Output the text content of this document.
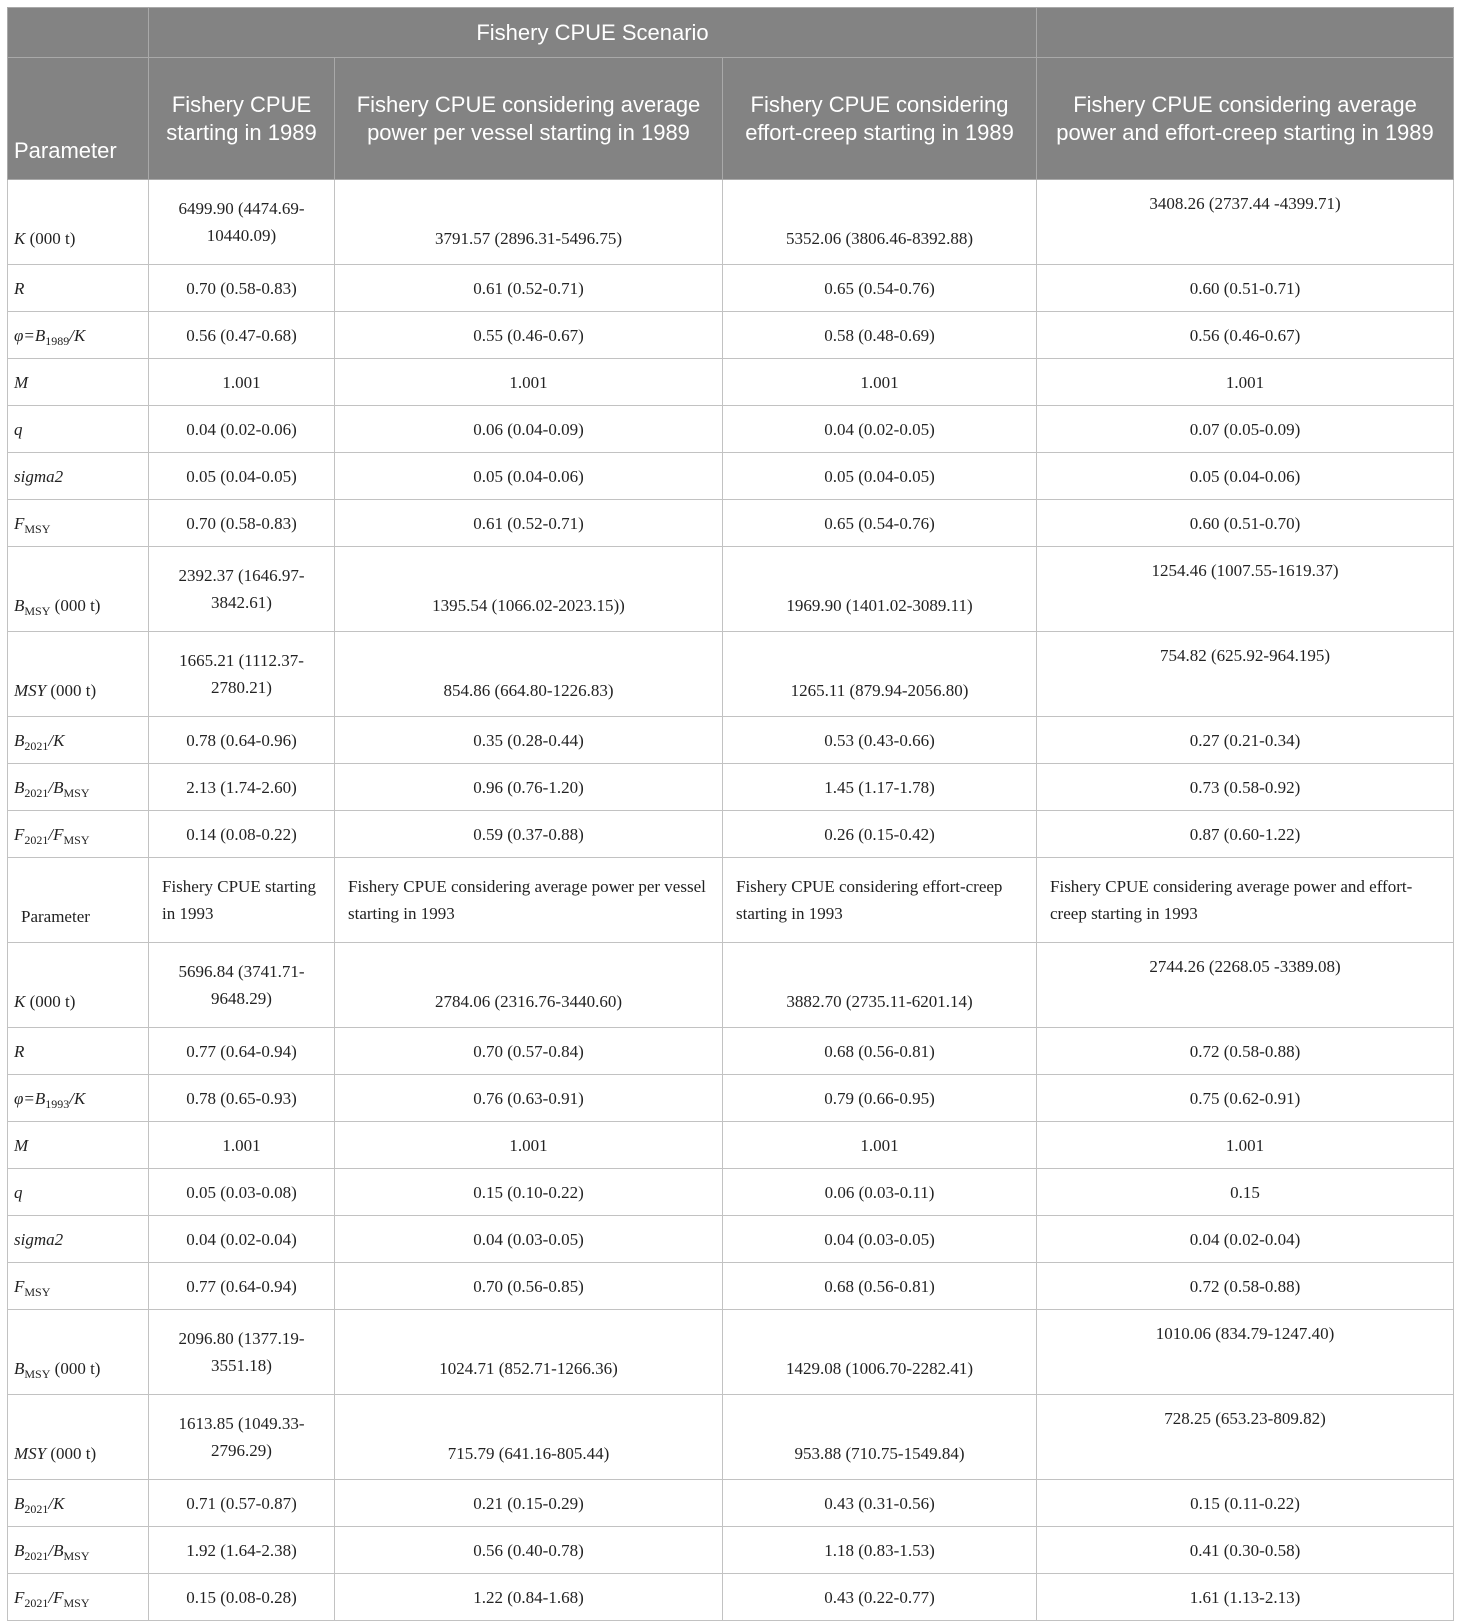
	Fishery CPUE Scenario			
Parameter	Fishery CPUE starting in 1989	Fishery CPUE considering average power per vessel starting in 1989	Fishery CPUE considering effort-creep starting in 1989	Fishery CPUE considering average power and effort-creep starting in 1989
K (000 t)	6499.90 (4474.69-10440.09)	3791.57 (2896.31-5496.75)	5352.06 (3806.46-8392.88)	3408.26 (2737.44 -4399.71)
R	0.70 (0.58-0.83)	0.61 (0.52-0.71)	0.65 (0.54-0.76)	0.60 (0.51-0.71)
$\varphi=B_{1989}/K$	0.56 (0.47-0.68)	0.55 (0.46-0.67)	0.58 (0.48-0.69)	0.56 (0.46-0.67)
M	1.001	1.001	1.001	1.001
q	0.04 (0.02-0.06)	0.06 (0.04-0.09)	0.04 (0.02-0.05)	0.07 (0.05-0.09)
sigma2	0.05 (0.04-0.05)	0.05 (0.04-0.06)	0.05 (0.04-0.05)	0.05 (0.04-0.06)
$F_{MSY}$	0.70 (0.58-0.83)	0.61 (0.52-0.71)	0.65 (0.54-0.76)	0.60 (0.51-0.70)
$B_{MSY}$ (000 t)	2392.37 (1646.97-3842.61)	1395.54 (1066.02-2023.15))	1969.90 (1401.02-3089.11)	1254.46 (1007.55-1619.37)
MSY (000 t)	1665.21 (1112.37-2780.21)	854.86 (664.80-1226.83)	1265.11 (879.94-2056.80)	754.82 (625.92-964.195)
$B_{2021}/K$	0.78 (0.64-0.96)	0.35 (0.28-0.44)	0.53 (0.43-0.66)	0.27 (0.21-0.34)
$B_{2021}/B_{MSY}$	2.13 (1.74-2.60)	0.96 (0.76-1.20)	1.45 (1.17-1.78)	0.73 (0.58-0.92)
$F_{2021}/F_{MSY}$	0.14 (0.08-0.22)	0.59 (0.37-0.88)	0.26 (0.15-0.42)	0.87 (0.60-1.22)
Parameter	Fishery CPUE starting in 1993	Fishery CPUE considering average power per vessel starting in 1993	Fishery CPUE considering effort-creep starting in 1993	Fishery CPUE considering average power and effort-creep starting in 1993
K (000 t)	5696.84 (3741.71-9648.29)	2784.06 (2316.76-3440.60)	3882.70 (2735.11-6201.14)	2744.26 (2268.05 -3389.08)
R	0.77 (0.64-0.94)	0.70 (0.57-0.84)	0.68 (0.56-0.81)	0.72 (0.58-0.88)
$\varphi=B_{1993}/K$	0.78 (0.65-0.93)	0.76 (0.63-0.91)	0.79 (0.66-0.95)	0.75 (0.62-0.91)
M	1.001	1.001	1.001	1.001
q	0.05 (0.03-0.08)	0.15 (0.10-0.22)	0.06 (0.03-0.11)	0.15
sigma2	0.04 (0.02-0.04)	0.04 (0.03-0.05)	0.04 (0.03-0.05)	0.04 (0.02-0.04)
$F_{MSY}$	0.77 (0.64-0.94)	0.70 (0.56-0.85)	0.68 (0.56-0.81)	0.72 (0.58-0.88)
$B_{MSY}$ (000 t)	2096.80 (1377.19-3551.18)	1024.71 (852.71-1266.36)	1429.08 (1006.70-2282.41)	1010.06 (834.79-1247.40)
MSY (000 t)	1613.85 (1049.33-2796.29)	715.79 (641.16-805.44)	953.88 (710.75-1549.84)	728.25 (653.23-809.82)
$B_{2021}/K$	0.71 (0.57-0.87)	0.21 (0.15-0.29)	0.43 (0.31-0.56)	0.15 (0.11-0.22)
$B_{2021}/B_{MSY}$	1.92 (1.64-2.38)	0.56 (0.40-0.78)	1.18 (0.83-1.53)	0.41 (0.30-0.58)
$F_{2021}/F_{MSY}$	0.15 (0.08-0.28)	1.22 (0.84-1.68)	0.43 (0.22-0.77)	1.61 (1.13-2.13)
